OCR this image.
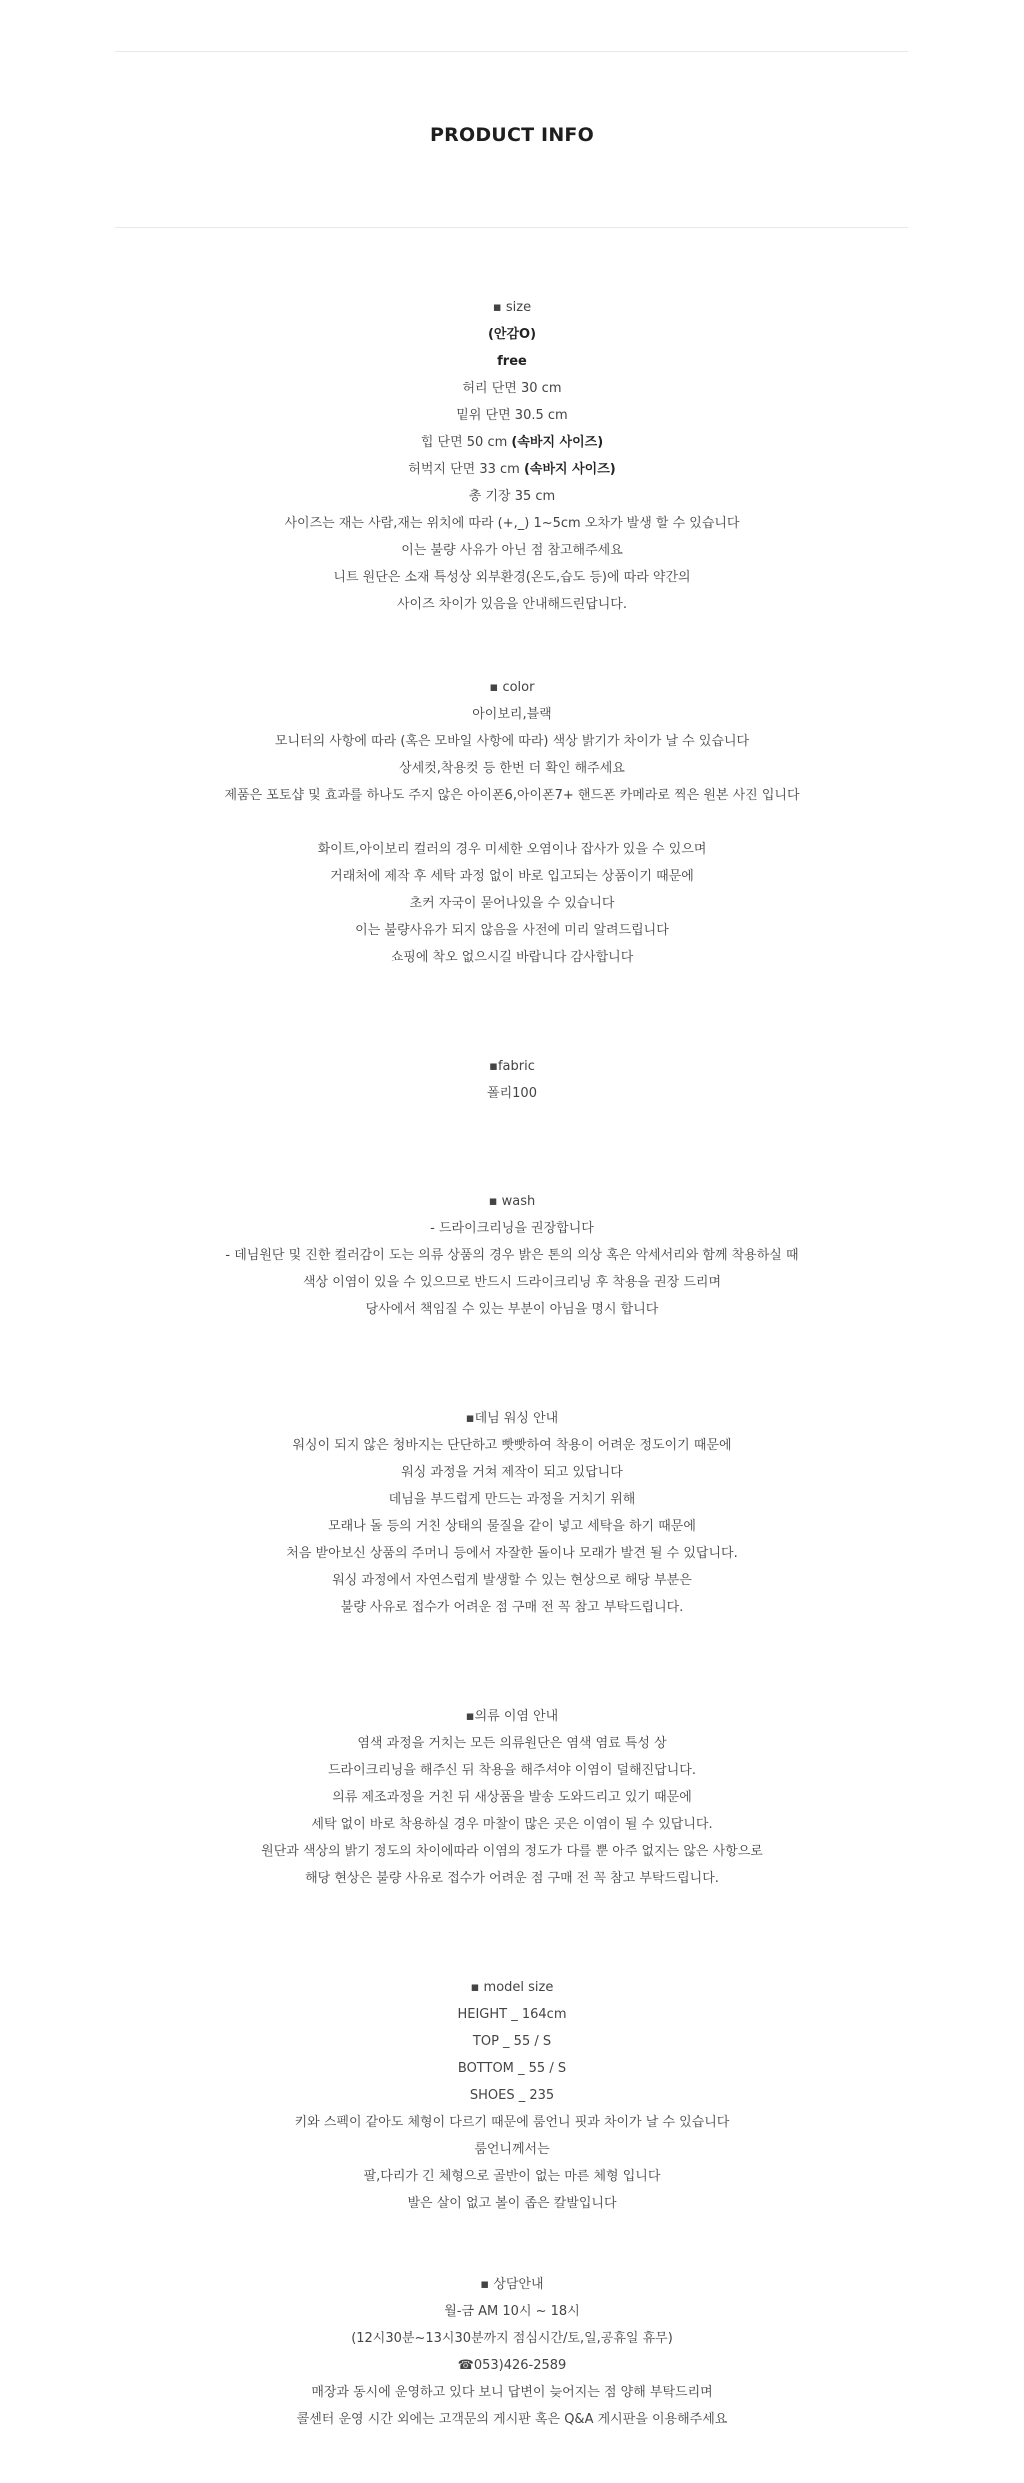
PRODUCT INFO
▪ size
(안감O)
free
허리 단면 30 cm
밑위 단면 30.5 cm
힙 단면 50 cm (속바지 사이즈)
허벅지 단면 33 cm (속바지 사이즈)
총 기장 35 cm
사이즈는 재는 사람,재는 위치에 따라 (+,_) 1~5cm 오차가 발생 할 수 있습니다
이는 불량 사유가 아닌 점 참고해주세요
니트 원단은 소재 특성상 외부환경(온도,습도 등)에 따라 약간의
사이즈 차이가 있음을 안내해드린답니다.
▪ color
아이보리,블랙
모니터의 사항에 따라 (혹은 모바일 사항에 따라) 색상 밝기가 차이가 날 수 있습니다
상세컷,착용컷 등 한번 더 확인 해주세요
제품은 포토샵 및 효과를 하나도 주지 않은 아이폰6,아이폰7+ 핸드폰 카메라로 찍은 원본 사진 입니다
화이트,아이보리 컬러의 경우 미세한 오염이나 잡사가 있을 수 있으며
거래처에 제작 후 세탁 과정 없이 바로 입고되는 상품이기 때문에
초커 자국이 묻어나있을 수 있습니다
이는 불량사유가 되지 않음을 사전에 미리 알려드립니다
쇼핑에 착오 없으시길 바랍니다 감사합니다
▪fabric
폴리100
▪ wash
- 드라이크리닝을 권장합니다
- 데님원단 및 진한 컬러감이 도는 의류 상품의 경우 밝은 톤의 의상 혹은 악세서리와 함께 착용하실 때
색상 이염이 있을 수 있으므로 반드시 드라이크리닝 후 착용을 권장 드리며
당사에서 책임질 수 있는 부분이 아님을 명시 합니다
▪데님 워싱 안내
워싱이 되지 않은 청바지는 단단하고 빳빳하여 착용이 어려운 정도이기 때문에
워싱 과정을 거쳐 제작이 되고 있답니다
데님을 부드럽게 만드는 과정을 거치기 위해
모래나 돌 등의 거친 상태의 물질을 같이 넣고 세탁을 하기 때문에
처음 받아보신 상품의 주머니 등에서 자잘한 돌이나 모래가 발견 될 수 있답니다.
워싱 과정에서 자연스럽게 발생할 수 있는 현상으로 해당 부분은
불량 사유로 접수가 어려운 점 구매 전 꼭 참고 부탁드립니다.
▪의류 이염 안내
염색 과정을 거치는 모든 의류원단은 염색 염료 특성 상
드라이크리닝을 해주신 뒤 착용을 해주셔야 이염이 덜해진답니다.
의류 제조과정을 거친 뒤 새상품을 발송 도와드리고 있기 때문에
세탁 없이 바로 착용하실 경우 마찰이 많은 곳은 이염이 될 수 있답니다.
원단과 색상의 밝기 정도의 차이에따라 이염의 정도가 다를 뿐 아주 없지는 않은 사항으로
해당 현상은 불량 사유로 접수가 어려운 점 구매 전 꼭 참고 부탁드립니다.
▪ model size
HEIGHT _ 164cm
TOP _ 55 / S
BOTTOM _ 55 / S
SHOES _ 235
키와 스펙이 같아도 체형이 다르기 때문에 룸언니 핏과 차이가 날 수 있습니다
룸언니께서는
팔,다리가 긴 체형으로 골반이 없는 마른 체형 입니다
발은 살이 없고 볼이 좁은 칼발입니다
▪ 상담안내
월-금 AM 10시 ~ 18시
(12시30분~13시30분까지 점심시간/토,일,공휴일 휴무)
☎053)426-2589
매장과 동시에 운영하고 있다 보니 답변이 늦어지는 점 양해 부탁드리며
콜센터 운영 시간 외에는 고객문의 게시판 혹은 Q&A 게시판을 이용해주세요
